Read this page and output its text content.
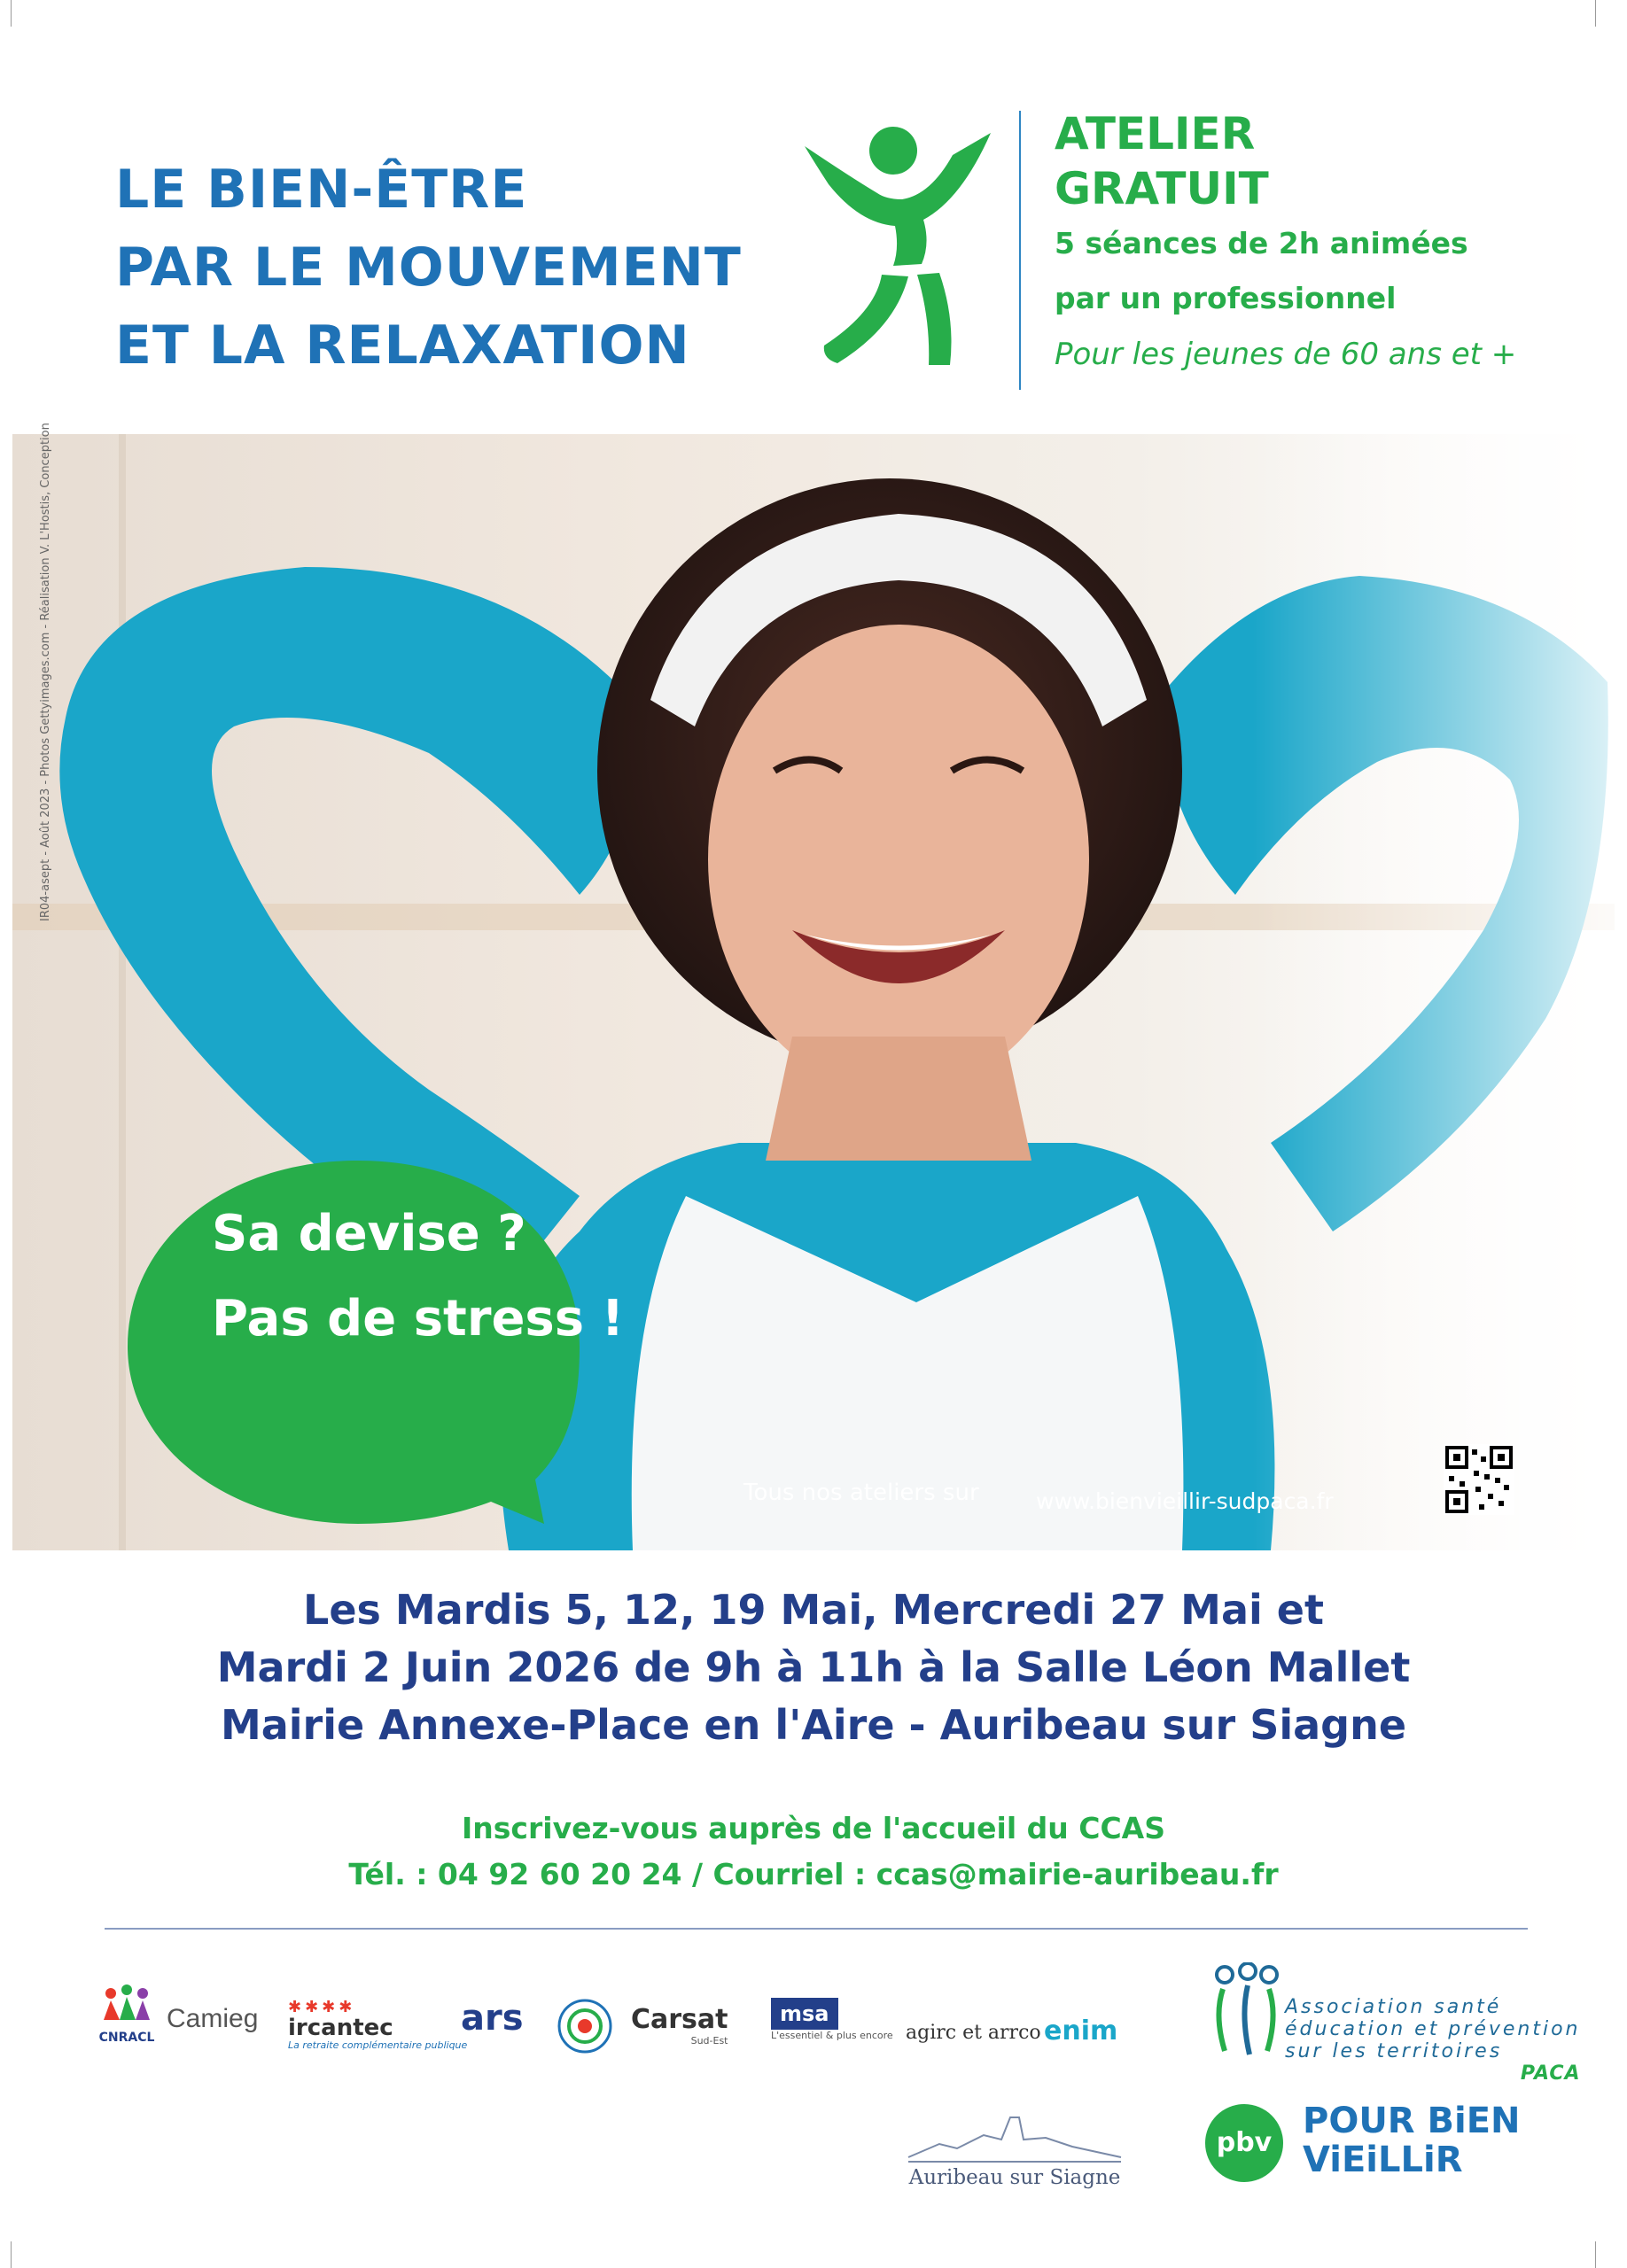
LE BIEN-ÊTRE
PAR LE MOUVEMENT
ET LA RELAXATION
ATELIER
GRATUIT
5 séances de 2h animées
par un professionnel
Pour les jeunes de 60 ans et +
Sa devise ?
Pas de stress !
Tous nos ateliers sur	www.bienvieillir-sudpaca.fr
IR04-asept - Août 2023 - Photos Gettyimages.com - Réalisation V. L'Hostis, Conception
Les Mardis 5, 12, 19 Mai, Mercredi 27 Mai et
Mardi 2 Juin 2026 de 9h à 11h à la Salle Léon Mallet
Mairie Annexe-Place en l'Aire - Auribeau sur Siagne
Inscrivez-vous auprès de l'accueil du CCAS
Tél. : 04 92 60 20 24 / Courriel : ccas@mairie-auribeau.fr
CNRACL
Camieg ✱✱✱✱
ircantec
La retraite complémentaire publique
ars	Carsat
Sud-Est
msa
L'essentiel & plus encore agirc et arrco enim
Association santé
éducation et prévention
sur les territoires
PACA
pbv
POUR BiEN
ViEiLLiR
Auribeau sur Siagne
